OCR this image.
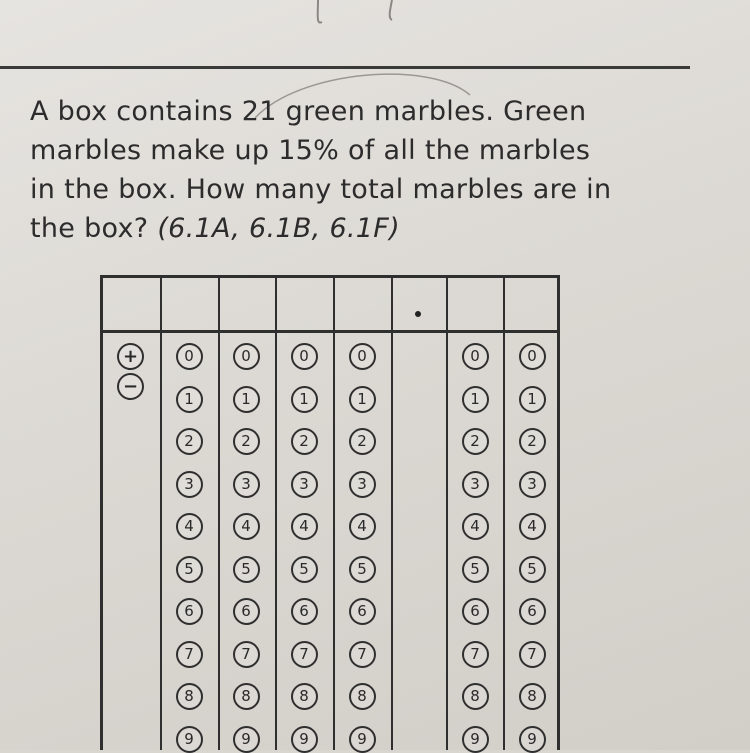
A box contains 21 green marbles. Green
marbles make up 15% of all the marbles
in the box. How many total marbles are in
the box? (6.1A, 6.1B, 6.1F)
+
−
0
1
2
3
4
5
6
7
8
9
0
1
2
3
4
5
6
7
8
9
0
1
2
3
4
5
6
7
8
9
0
1
2
3
4
5
6
7
8
9
0
1
2
3
4
5
6
7
8
9
0
1
2
3
4
5
6
7
8
9
